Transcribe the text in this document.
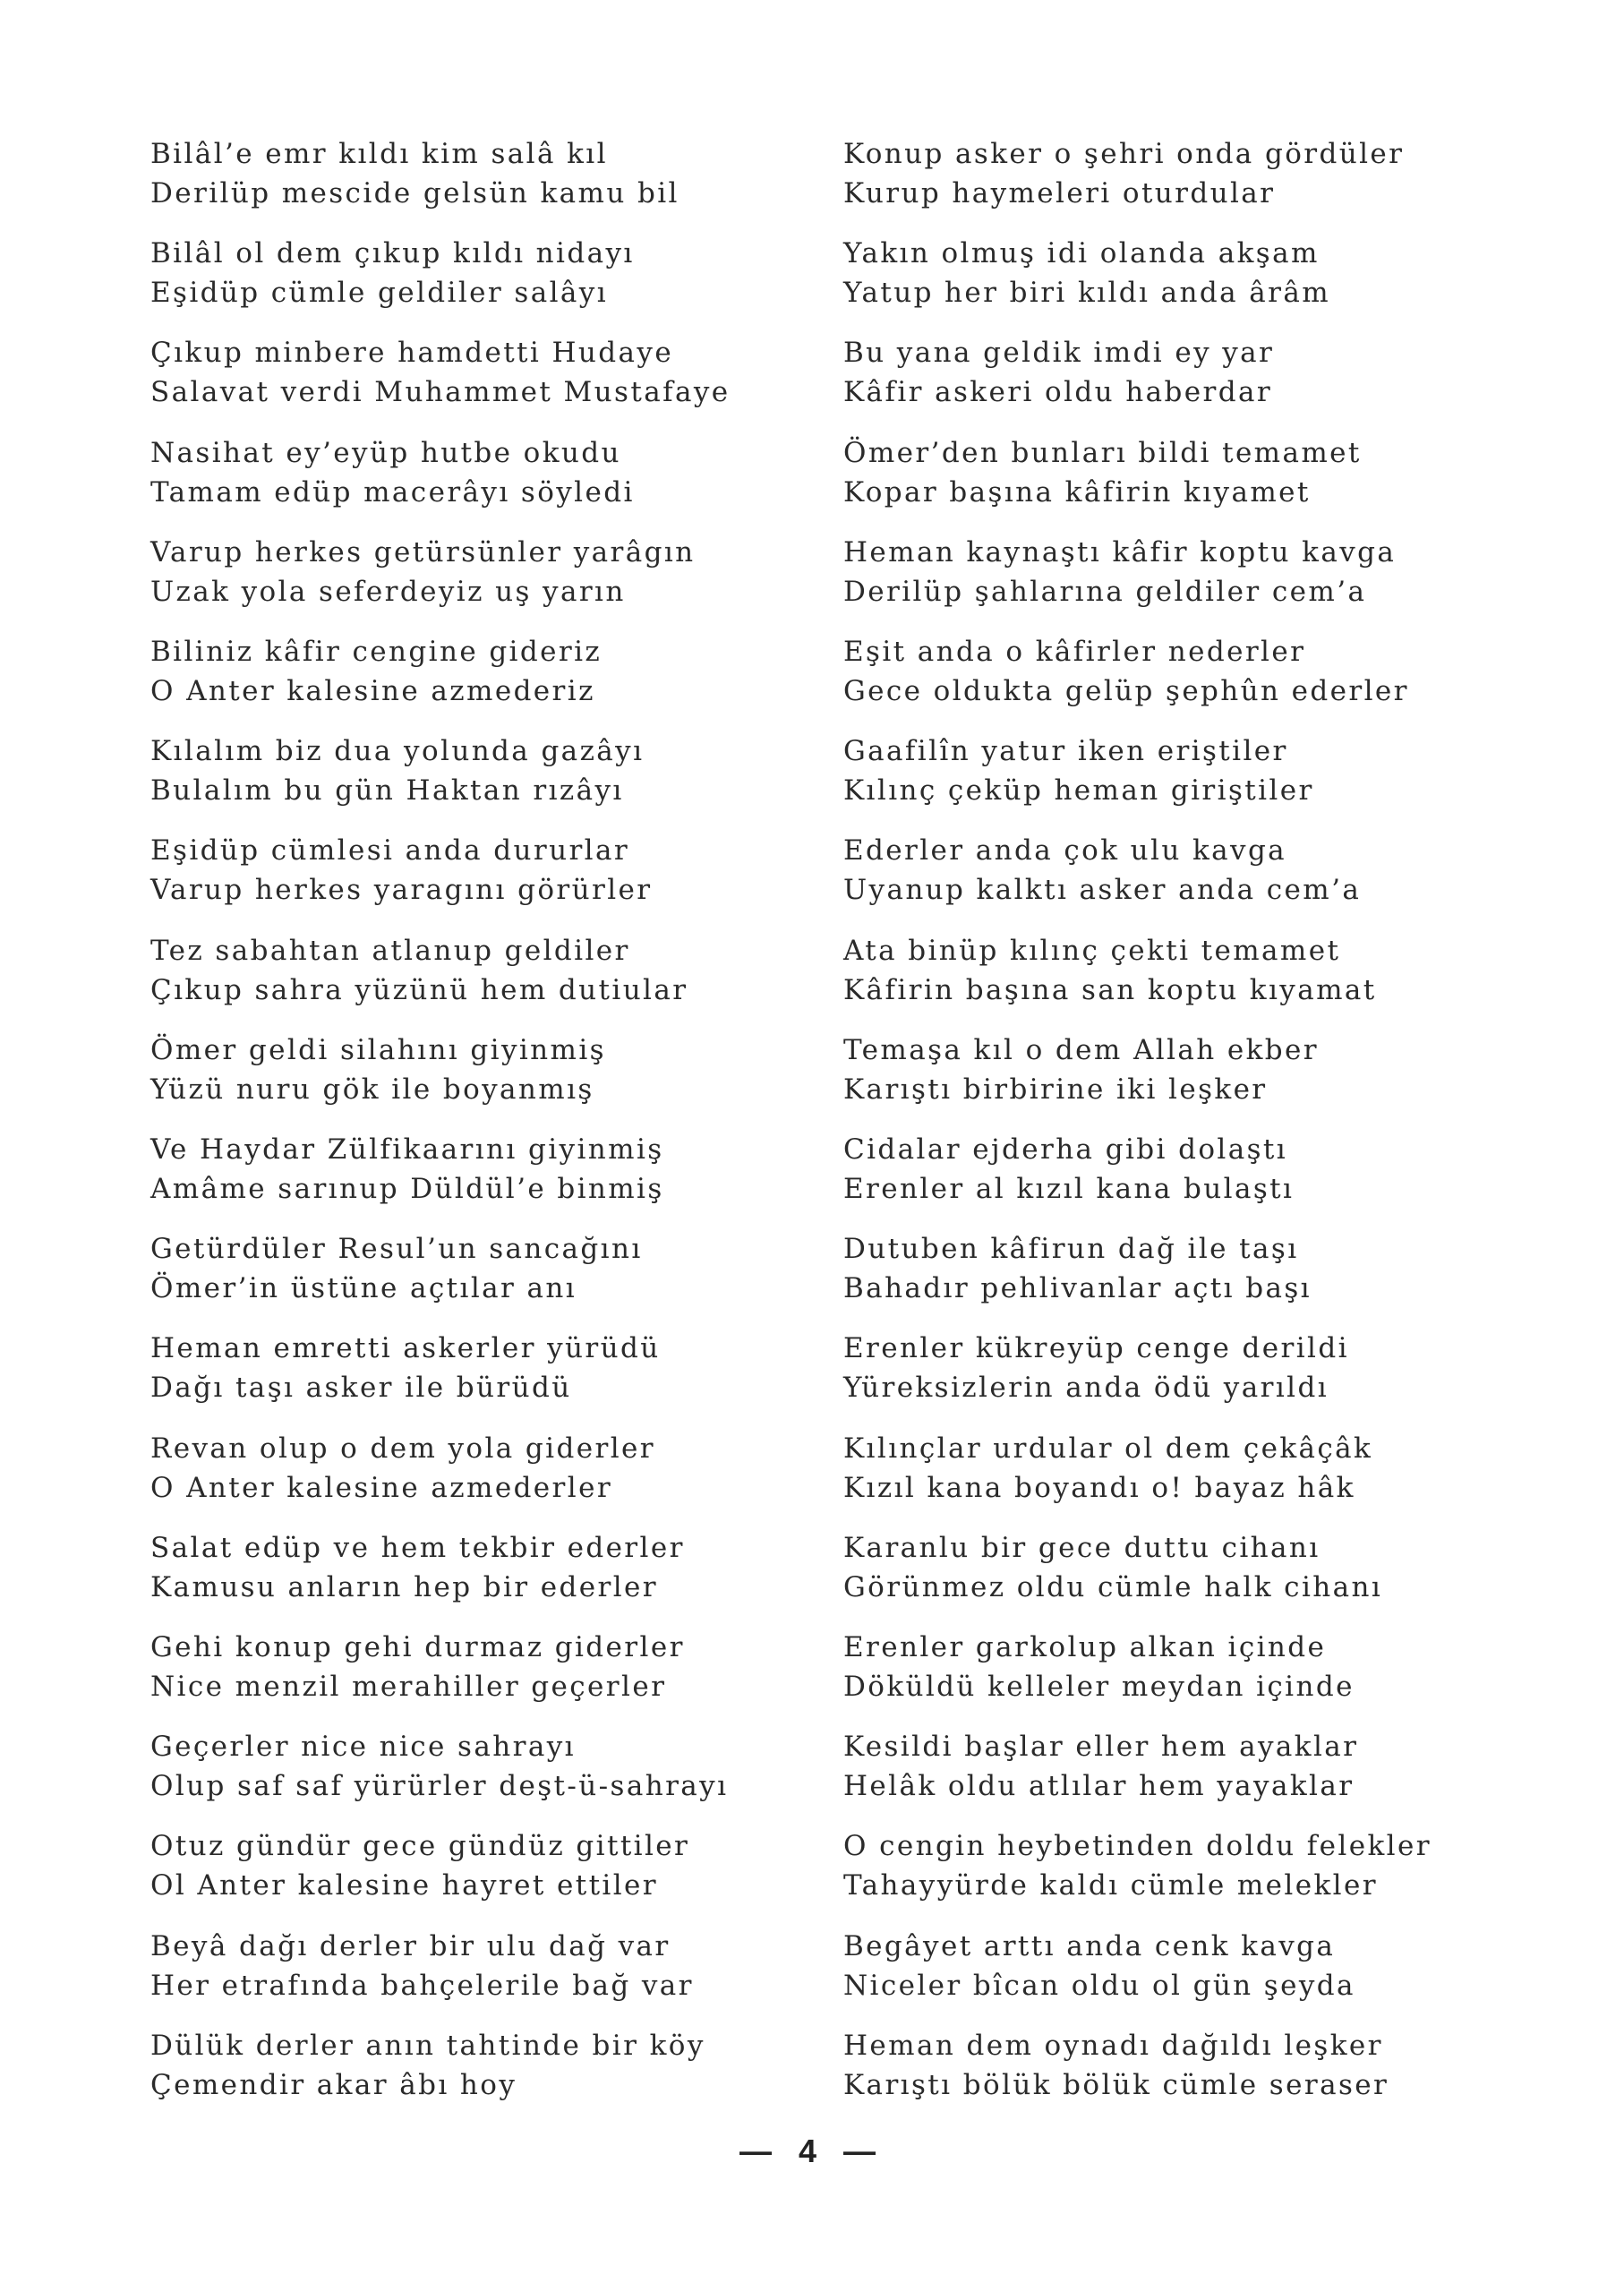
Bilâl’e emr kıldı kim salâ kıl
Derilüp mescide gelsün kamu bil
Bilâl ol dem çıkup kıldı nidayı
Eşidüp cümle geldiler salâyı
Çıkup minbere hamdetti Hudaye
Salavat verdi Muhammet Mustafaye
Nasihat ey’eyüp hutbe okudu
Tamam edüp macerâyı söyledi
Varup herkes getürsünler yarâgın
Uzak yola seferdeyiz uş yarın
Biliniz kâfir cengine gideriz
O Anter kalesine azmederiz
Kılalım biz dua yolunda gazâyı
Bulalım bu gün Haktan rızâyı
Eşidüp cümlesi anda dururlar
Varup herkes yaragını görürler
Tez sabahtan atlanup geldiler
Çıkup sahra yüzünü hem dutiular
Ömer geldi silahını giyinmiş
Yüzü nuru gök ile boyanmış
Ve Haydar Zülfikaarını giyinmiş
Amâme sarınup Düldül’e binmiş
Getürdüler Resul’un sancağını
Ömer’in üstüne açtılar anı
Heman emretti askerler yürüdü
Dağı taşı asker ile bürüdü
Revan olup o dem yola giderler
O Anter kalesine azmederler
Salat edüp ve hem tekbir ederler
Kamusu anların hep bir ederler
Gehi konup gehi durmaz giderler
Nice menzil merahiller geçerler
Geçerler nice nice sahrayı
Olup saf saf yürürler deşt-ü-sahrayı
Otuz gündür gece gündüz gittiler
Ol Anter kalesine hayret ettiler
Beyâ dağı derler bir ulu dağ var
Her etrafında bahçelerile bağ var
Dülük derler anın tahtinde bir köy
Çemendir akar âbı hoy
Konup asker o şehri onda gördüler
Kurup haymeleri oturdular
Yakın olmuş idi olanda akşam
Yatup her biri kıldı anda ârâm
Bu yana geldik imdi ey yar
Kâfir askeri oldu haberdar
Ömer’den bunları bildi temamet
Kopar başına kâfirin kıyamet
Heman kaynaştı kâfir koptu kavga
Derilüp şahlarına geldiler cem’a
Eşit anda o kâfirler nederler
Gece oldukta gelüp şephûn ederler
Gaafilîn yatur iken eriştiler
Kılınç çeküp heman giriştiler
Ederler anda çok ulu kavga
Uyanup kalktı asker anda cem’a
Ata binüp kılınç çekti temamet
Kâfirin başına san koptu kıyamat
Temaşa kıl o dem Allah ekber
Karıştı birbirine iki leşker
Cidalar ejderha gibi dolaştı
Erenler al kızıl kana bulaştı
Dutuben kâfirun dağ ile taşı
Bahadır pehlivanlar açtı başı
Erenler kükreyüp cenge derildi
Yüreksizlerin anda ödü yarıldı
Kılınçlar urdular ol dem çekâçâk
Kızıl kana boyandı o! bayaz hâk
Karanlu bir gece duttu cihanı
Görünmez oldu cümle halk cihanı
Erenler garkolup alkan içinde
Döküldü kelleler meydan içinde
Kesildi başlar eller hem ayaklar
Helâk oldu atlılar hem yayaklar
O cengin heybetinden doldu felekler
Tahayyürde kaldı cümle melekler
Begâyet arttı anda cenk kavga
Niceler bîcan oldu ol gün şeyda
Heman dem oynadı dağıldı leşker
Karıştı bölük bölük cümle seraser
— 4 —
